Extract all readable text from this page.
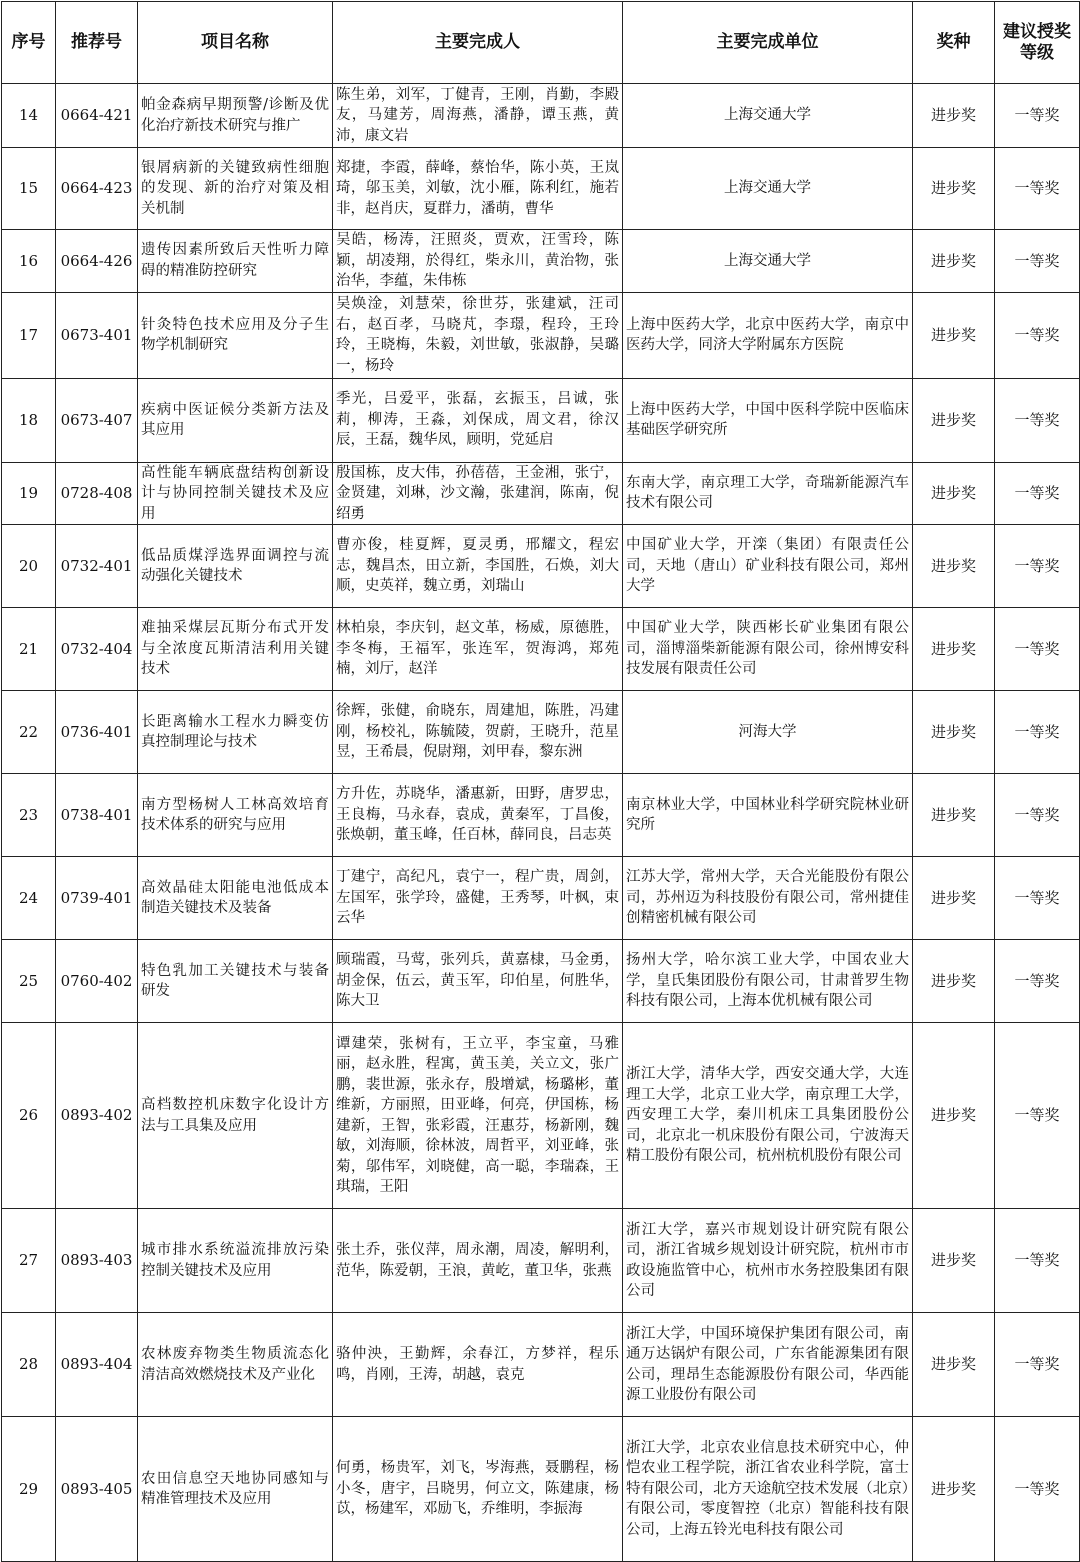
序号	推荐号	项目名称	主要完成人	主要完成单位	奖种	建议授奖等级
14	0664-421	帕金森病早期预警/诊断及优化治疗新技术研究与推广	陈生弟，刘军，丁健青，王刚，肖勤，李殿友，马建芳，周海燕，潘静，谭玉燕，黄沛，康文岩	上海交通大学	进步奖	一等奖
15	0664-423	银屑病新的关键致病性细胞的发现、新的治疗对策及相关机制	郑捷，李霞，薛峰，蔡怡华，陈小英，王岚琦，邬玉美，刘敏，沈小雁，陈利红，施若非，赵肖庆，夏群力，潘萌，曹华	上海交通大学	进步奖	一等奖
16	0664-426	遗传因素所致后天性听力障碍的精准防控研究	吴皓，杨涛，汪照炎，贾欢，汪雪玲，陈颖，胡凌翔，於得红，柴永川，黄治物，张治华，李蕴，朱伟栋	上海交通大学	进步奖	一等奖
17	0673-401	针灸特色技术应用及分子生物学机制研究	吴焕淦，刘慧荣，徐世芬，张建斌，汪司右，赵百孝，马晓芃，李璟，程玲，王玲玲，王晓梅，朱毅，刘世敏，张淑静，吴璐一，杨玲	上海中医药大学，北京中医药大学，南京中医药大学，同济大学附属东方医院	进步奖	一等奖
18	0673-407	疾病中医证候分类新方法及其应用	季光，吕爱平，张磊，玄振玉，吕诚，张莉，柳涛，王淼，刘保成，周文君，徐汉辰，王磊，魏华凤，顾明，党延启	上海中医药大学，中国中医科学院中医临床基础医学研究所	进步奖	一等奖
19	0728-408	高性能车辆底盘结构创新设计与协同控制关键技术及应用	殷国栋，皮大伟，孙蓓蓓，王金湘，张宁，金贤建，刘琳，沙文瀚，张建润，陈南，倪绍勇	东南大学，南京理工大学，奇瑞新能源汽车技术有限公司	进步奖	一等奖
20	0732-401	低品质煤浮选界面调控与流动强化关键技术	曹亦俊，桂夏辉，夏灵勇，邢耀文，程宏志，魏昌杰，田立新，李国胜，石焕，刘大顺，史英祥，魏立勇，刘瑞山	中国矿业大学，开滦（集团）有限责任公司，天地（唐山）矿业科技有限公司，郑州大学	进步奖	一等奖
21	0732-404	难抽采煤层瓦斯分布式开发与全浓度瓦斯清洁利用关键技术	林柏泉，李庆钊，赵文革，杨威，原德胜，李冬梅，王福军，张连军，贺海鸿，郑苑楠，刘厅，赵洋	中国矿业大学，陕西彬长矿业集团有限公司，淄博淄柴新能源有限公司，徐州博安科技发展有限责任公司	进步奖	一等奖
22	0736-401	长距离输水工程水力瞬变仿真控制理论与技术	徐辉，张健，俞晓东，周建旭，陈胜，冯建刚，杨校礼，陈毓陵，贺蔚，王晓升，范星昱，王希晨，倪尉翔，刘甲春，黎东洲	河海大学	进步奖	一等奖
23	0738-401	南方型杨树人工林高效培育技术体系的研究与应用	方升佐，苏晓华，潘惠新，田野，唐罗忠，王良梅，马永春，袁成，黄秦军，丁昌俊，张焕朝，董玉峰，任百林，薛同良，吕志英	南京林业大学，中国林业科学研究院林业研究所	进步奖	一等奖
24	0739-401	高效晶硅太阳能电池低成本制造关键技术及装备	丁建宁，高纪凡，袁宁一，程广贵，周剑，左国军，张学玲，盛健，王秀琴，叶枫，束云华	江苏大学，常州大学，天合光能股份有限公司，苏州迈为科技股份有限公司，常州捷佳创精密机械有限公司	进步奖	一等奖
25	0760-402	特色乳加工关键技术与装备研发	顾瑞霞，马莺，张列兵，黄嘉棣，马金勇，胡金保，伍云，黄玉军，印伯星，何胜华，陈大卫	扬州大学，哈尔滨工业大学，中国农业大学，皇氏集团股份有限公司，甘肃普罗生物科技有限公司，上海本优机械有限公司	进步奖	一等奖
26	0893-402	高档数控机床数字化设计方法与工具集及应用	谭建荣，张树有，王立平，李宝童，马雅丽，赵永胜，程寓，黄玉美，关立文，张广鹏，裴世源，张永存，殷增斌，杨璐彬，董维新，方丽照，田亚峰，何亮，伊国栋，杨建新，王智，张彩霞，汪惠芬，杨新刚，魏敏，刘海顺，徐林波，周哲平，刘亚峰，张菊，邬伟军，刘晓健，高一聪，李瑞森，王琪瑞，王阳	浙江大学，清华大学，西安交通大学，大连理工大学，北京工业大学，南京理工大学，西安理工大学，秦川机床工具集团股份公司，北京北一机床股份有限公司，宁波海天精工股份有限公司，杭州杭机股份有限公司	进步奖	一等奖
27	0893-403	城市排水系统溢流排放污染控制关键技术及应用	张土乔，张仪萍，周永潮，周凌，解明利，范华，陈爱朝，王浪，黄屹，董卫华，张燕	浙江大学，嘉兴市规划设计研究院有限公司，浙江省城乡规划设计研究院，杭州市市政设施监管中心，杭州市水务控股集团有限公司	进步奖	一等奖
28	0893-404	农林废弃物类生物质流态化清洁高效燃烧技术及产业化	骆仲泱，王勤辉，余春江，方梦祥，程乐鸣，肖刚，王涛，胡越，袁克	浙江大学，中国环境保护集团有限公司，南通万达锅炉有限公司，广东省能源集团有限公司，理昂生态能源股份有限公司，华西能源工业股份有限公司	进步奖	一等奖
29	0893-405	农田信息空天地协同感知与精准管理技术及应用	何勇，杨贵军，刘飞，岑海燕，聂鹏程，杨小冬，唐宇，吕晓男，何立文，陈建康，杨苡，杨建军，邓励飞，乔维明，李振海	浙江大学，北京农业信息技术研究中心，仲恺农业工程学院，浙江省农业科学院，富士特有限公司，北方天途航空技术发展（北京）有限公司，零度智控（北京）智能科技有限公司，上海五铃光电科技有限公司	进步奖	一等奖
